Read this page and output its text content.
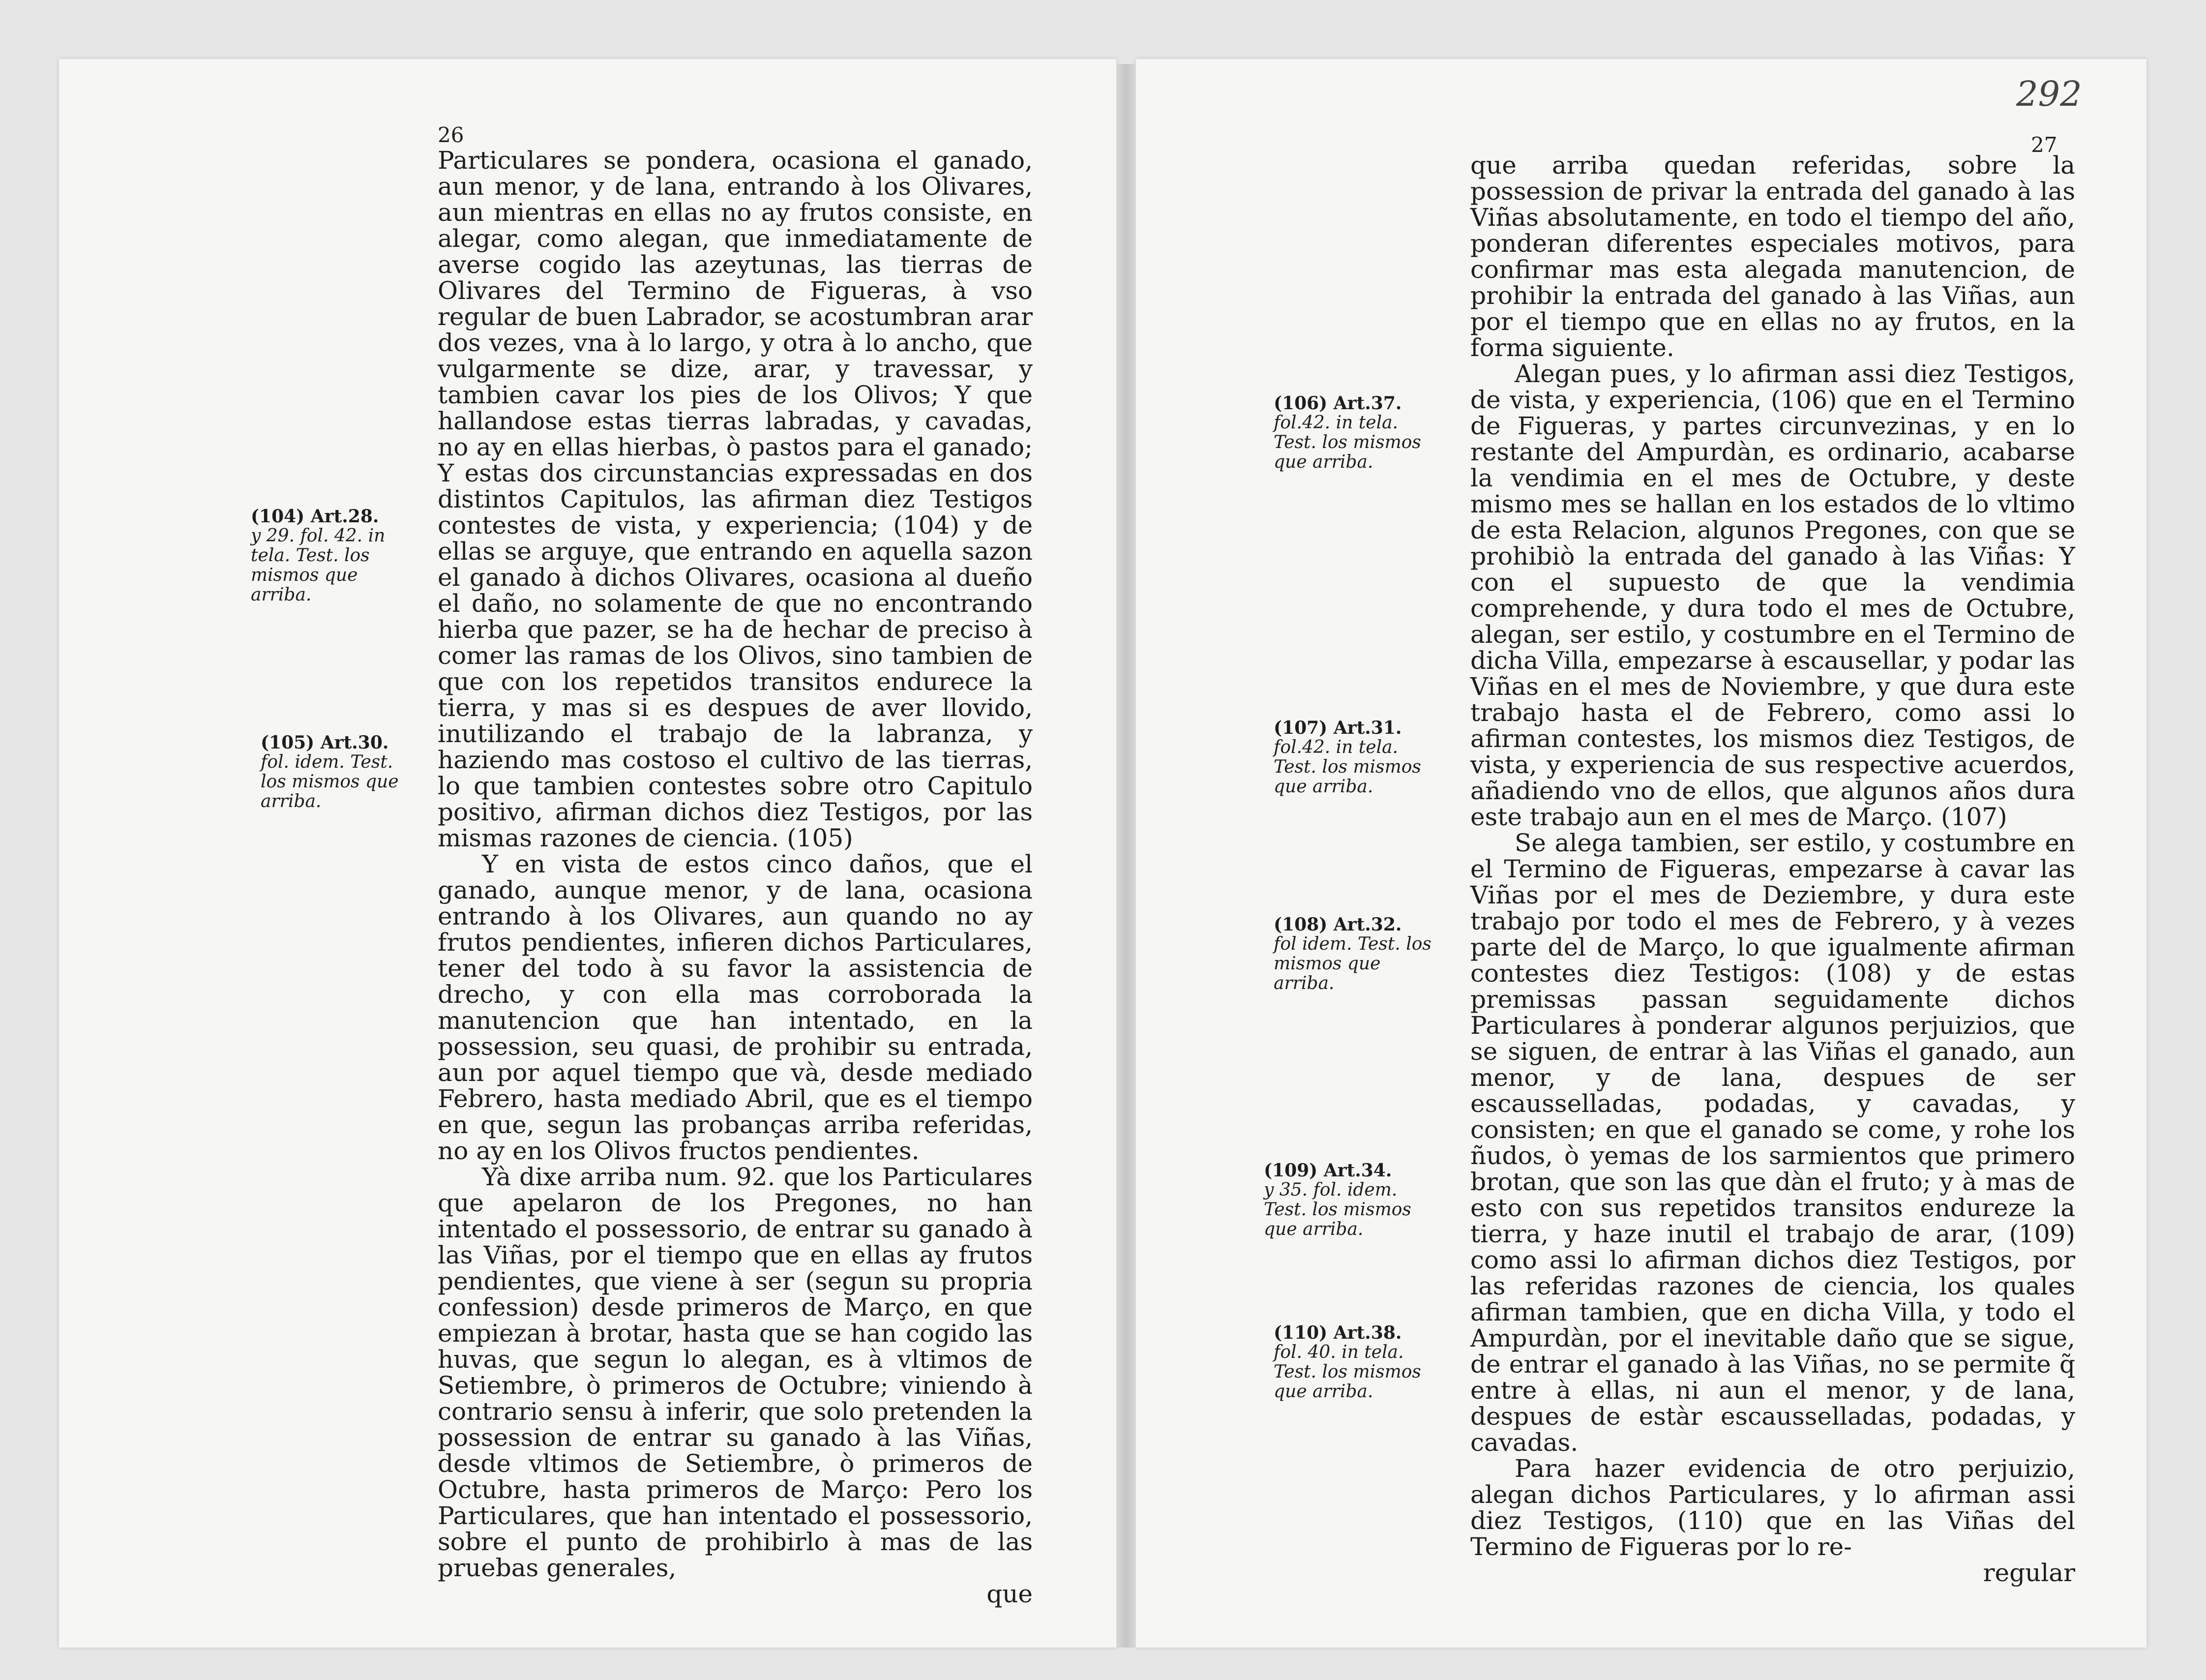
26

Particulares se pondera, ocasiona el ganado, aun menor, y de lana, entrando à los Olivares, aun mientras en ellas no ay frutos consiste, en alegar, como alegan, que inmediatamente de averse cogido las azeytunas, las tierras de Olivares del Termino de Figueras, à vso regular de buen Labrador, se acostumbran arar dos vezes, vna à lo largo, y otra à lo ancho, que vulgarmente se dize, arar, y travessar, y tambien cavar los pies de los Olivos; Y que hallandose estas tierras labradas, y cavadas, no ay en ellas hierbas, ò pastos para el ganado; Y estas dos circunstancias expressadas en dos distintos Capitulos, las afirman diez Testigos contestes de vista, y experiencia; (104) y de ellas se arguye, que entrando en aquella sazon el ganado à dichos Olivares, ocasiona al dueño el daño, no solamente de que no encontrando hierba que pazer, se ha de hechar de preciso à comer las ramas de los Olivos, sino tambien de que con los repetidos transitos endurece la tierra, y mas si es despues de aver llovido, inutilizando el trabajo de la labranza, y haziendo mas costoso el cultivo de las tierras, lo que tambien contestes sobre otro Capitulo positivo, afirman dichos diez Testigos, por las mismas razones de ciencia. (105)

Y en vista de estos cinco daños, que el ganado, aunque menor, y de lana, ocasiona entrando à los Olivares, aun quando no ay frutos pendientes, infieren dichos Particulares, tener del todo à su favor la assistencia de drecho, y con ella mas corroborada la manutencion que han intentado, en la possession, seu quasi, de prohibir su entrada, aun por aquel tiempo que và, desde mediado Febrero, hasta mediado Abril, que es el tiempo en que, segun las probanças arriba referidas, no ay en los Olivos fructos pendientes.

Yà dixe arriba num. 92. que los Particulares que apelaron de los Pregones, no han intentado el possessorio, de entrar su ganado à las Viñas, por el tiempo que en ellas ay frutos pendientes, que viene à ser (segun su propria confession) desde primeros de Março, en que empiezan à brotar, hasta que se han cogido las huvas, que segun lo alegan, es à vltimos de Setiembre, ò primeros de Octubre; viniendo à contrario sensu à inferir, que solo pretenden la possession de entrar su ganado à las Viñas, desde vltimos de Setiembre, ò primeros de Octubre, hasta primeros de Março: Pero los Particulares, que han intentado el possessorio, sobre el punto de prohibirlo à mas de las pruebas generales,

que
(104) Art.28.
y 29. fol. 42. in tela. Test. los mismos que arriba.
(105) Art.30.
fol. idem. Test. los mismos que arriba.
292
27

que arriba quedan referidas, sobre la possession de privar la entrada del ganado à las Viñas absolutamente, en todo el tiempo del año, ponderan diferentes especiales motivos, para confirmar mas esta alegada manutencion, de prohibir la entrada del ganado à las Viñas, aun por el tiempo que en ellas no ay frutos, en la forma siguiente.

Alegan pues, y lo afirman assi diez Testigos, de vista, y experiencia, (106) que en el Termino de Figueras, y partes circunvezinas, y en lo restante del Ampurdàn, es ordinario, acabarse la vendimia en el mes de Octubre, y deste mismo mes se hallan en los estados de lo vltimo de esta Relacion, algunos Pregones, con que se prohibiò la entrada del ganado à las Viñas: Y con el supuesto de que la vendimia comprehende, y dura todo el mes de Octubre, alegan, ser estilo, y costumbre en el Termino de dicha Villa, empezarse à escausellar, y podar las Viñas en el mes de Noviembre, y que dura este trabajo hasta el de Febrero, como assi lo afirman contestes, los mismos diez Testigos, de vista, y experiencia de sus respective acuerdos, añadiendo vno de ellos, que algunos años dura este trabajo aun en el mes de Março. (107)

Se alega tambien, ser estilo, y costumbre en el Termino de Figueras, empezarse à cavar las Viñas por el mes de Deziembre, y dura este trabajo por todo el mes de Febrero, y à vezes parte del de Março, lo que igualmente afirman contestes diez Testigos: (108) y de estas premissas passan seguidamente dichos Particulares à ponderar algunos perjuizios, que se siguen, de entrar à las Viñas el ganado, aun menor, y de lana, despues de ser escausselladas, podadas, y cavadas, y consisten; en que el ganado se come, y rohe los ñudos, ò yemas de los sarmientos que primero brotan, que son las que dàn el fruto; y à mas de esto con sus repetidos transitos endureze la tierra, y haze inutil el trabajo de arar, (109) como assi lo afirman dichos diez Testigos, por las referidas razones de ciencia, los quales afirman tambien, que en dicha Villa, y todo el Ampurdàn, por el inevitable daño que se sigue, de entrar el ganado à las Viñas, no se permite q̃ entre à ellas, ni aun el menor, y de lana, despues de estàr escausselladas, podadas, y cavadas.

Para hazer evidencia de otro perjuizio, alegan dichos Particulares, y lo afirman assi diez Testigos, (110) que en las Viñas del Termino de Figueras por lo re-

regular
(106) Art.37.
fol.42. in tela. Test. los mismos que arriba.
(107) Art.31.
fol.42. in tela. Test. los mismos que arriba.
(108) Art.32.
fol idem. Test. los mismos que arriba.
(109) Art.34.
y 35. fol. idem. Test. los mismos que arriba.
(110) Art.38.
fol. 40. in tela. Test. los mismos que arriba.
